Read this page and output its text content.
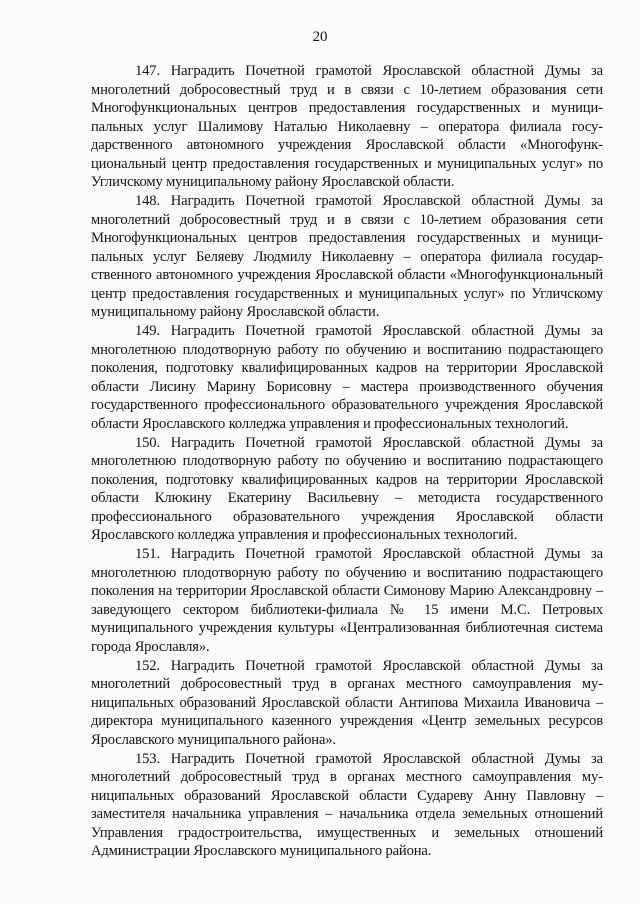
20

147. Наградить Почетной грамотой Ярославской областной Думы за многолетний добросовестный труд и в связи с 10-летием образования сети Многофункциональных центров предоставления государственных и муниципальных услуг Шалимову Наталью Николаевну – оператора филиала государственного автономного учреждения Ярославской области «Многофункциональный центр предоставления государственных и муниципальных услуг» по Угличскому муниципальному району Ярославской области.

148. Наградить Почетной грамотой Ярославской областной Думы за многолетний добросовестный труд и в связи с 10-летием образования сети Многофункциональных центров предоставления государственных и муниципальных услуг Беляеву Людмилу Николаевну – оператора филиала государственного автономного учреждения Ярославской области «Многофункциональный центр предоставления государственных и муниципальных услуг» по Угличскому муниципальному району Ярославской области.

149. Наградить Почетной грамотой Ярославской областной Думы за многолетнюю плодотворную работу по обучению и воспитанию подрастающего поколения, подготовку квалифицированных кадров на территории Ярославской области Лисину Марину Борисовну – мастера производственного обучения государственного профессионального образовательного учреждения Ярославской области Ярославского колледжа управления и профессиональных технологий.

150. Наградить Почетной грамотой Ярославской областной Думы за многолетнюю плодотворную работу по обучению и воспитанию подрастающего поколения, подготовку квалифицированных кадров на территории Ярославской области Клюкину Екатерину Васильевну – методиста государственного профессионального образовательного учреждения Ярославской области Ярославского колледжа управления и профессиональных технологий.

151. Наградить Почетной грамотой Ярославской областной Думы за многолетнюю плодотворную работу по обучению и воспитанию подрастающего поколения на территории Ярославской области Симонову Марию Александровну – заведующего сектором библиотеки-филиала № 15 имени М.С. Петровых муниципального учреждения культуры «Централизованная библиотечная система города Ярославля».

152. Наградить Почетной грамотой Ярославской областной Думы за многолетний добросовестный труд в органах местного самоуправления муниципальных образований Ярославской области Антипова Михаила Ивановича – директора муниципального казенного учреждения «Центр земельных ресурсов Ярославского муниципального района».

153. Наградить Почетной грамотой Ярославской областной Думы за многолетний добросовестный труд в органах местного самоуправления муниципальных образований Ярославской области Судареву Анну Павловну – заместителя начальника управления – начальника отдела земельных отношений Управления градостроительства, имущественных и земельных отношений Администрации Ярославского муниципального района.
